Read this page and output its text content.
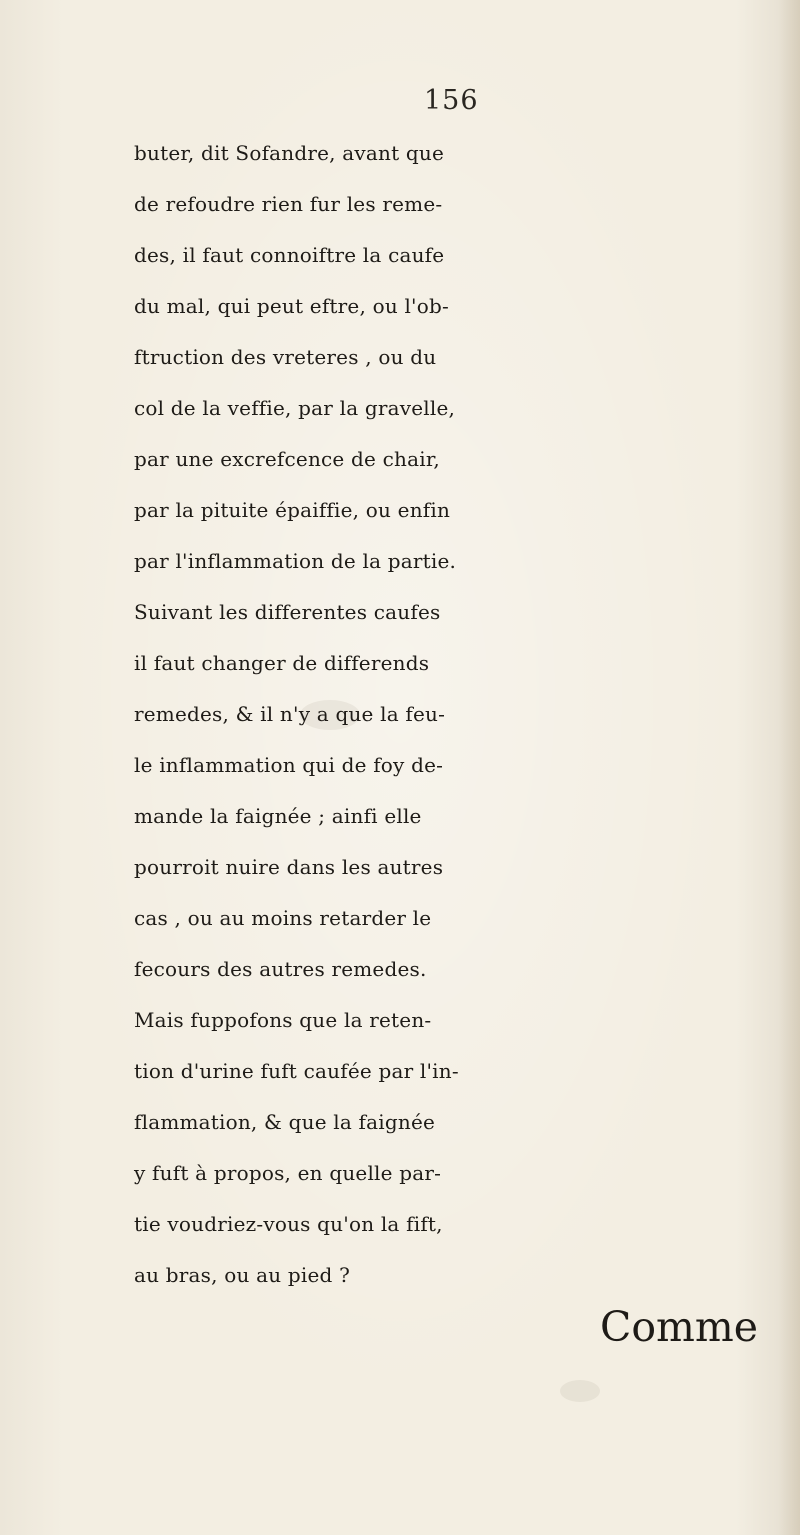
156
buter, dit Sofandre, avant que
de refoudre rien fur les reme-
des, il faut connoiftre la caufe
du mal, qui peut eftre, ou l'ob-
ftruction des vreteres , ou du
col de la veffie, par la gravelle,
par une excrefcence de chair,
par la pituite épaiffie, ou enfin
par l'inflammation de la partie.
Suivant les differentes caufes
il faut changer de differends
remedes, & il n'y a que la feu-
le inflammation qui de foy de-
mande la faignée ; ainfi elle
pourroit nuire dans les autres
cas , ou au moins retarder le
fecours des autres remedes.
Mais fuppofons que la reten-
tion d'urine fuft caufée par l'in-
flammation, & que la faignée
y fuft à propos, en quelle par-
tie voudriez-vous qu'on la fift,
au bras, ou au pied ?
Comme
